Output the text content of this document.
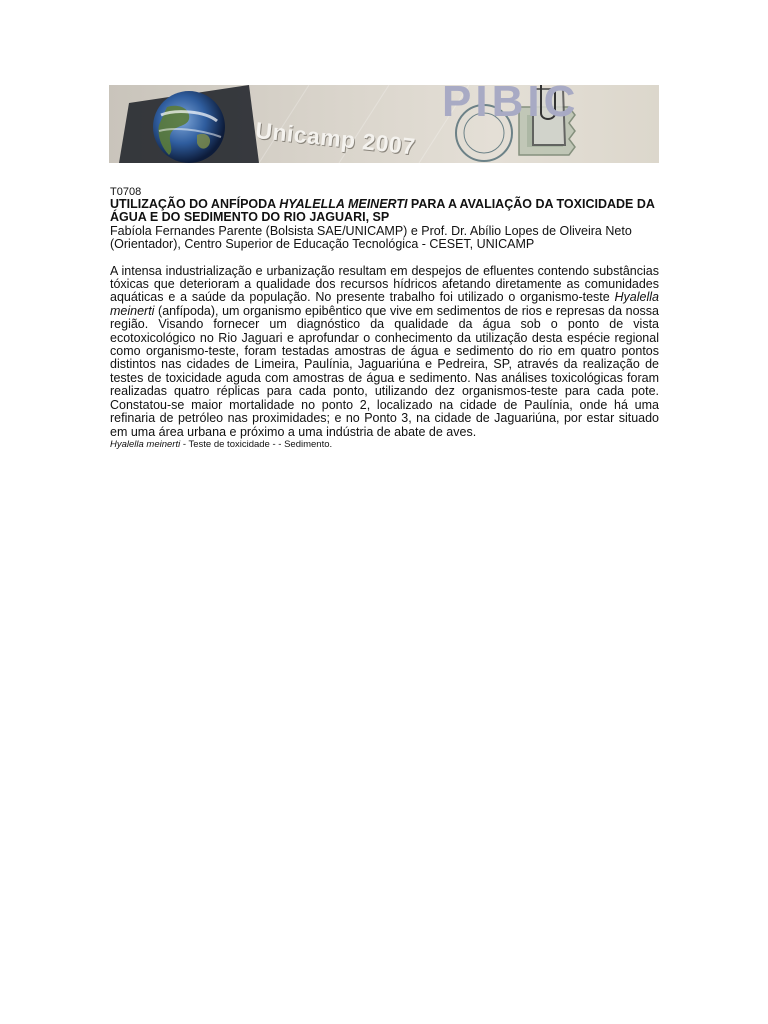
PIBIC
Unicamp 2007
T0708
UTILIZAÇÃO DO ANFÍPODA HYALELLA MEINERTI PARA A AVALIAÇÃO DA TOXICIDADE DA ÁGUA E DO SEDIMENTO DO RIO JAGUARI, SP

Fabíola Fernandes Parente (Bolsista SAE/UNICAMP) e Prof. Dr. Abílio Lopes de Oliveira Neto (Orientador), Centro Superior de Educação Tecnológica - CESET, UNICAMP

A intensa industrialização e urbanização resultam em despejos de efluentes contendo substâncias tóxicas que deterioram a qualidade dos recursos hídricos afetando diretamente as comunidades aquáticas e a saúde da população. No presente trabalho foi utilizado o organismo-teste Hyalella meinerti (anfípoda), um organismo epibêntico que vive em sedimentos de rios e represas da nossa região. Visando fornecer um diagnóstico da qualidade da água sob o ponto de vista ecotoxicológico no Rio Jaguari e aprofundar o conhecimento da utilização desta espécie regional como organismo-teste, foram testadas amostras de água e sedimento do rio em quatro pontos distintos nas cidades de Limeira, Paulínia, Jaguariúna e Pedreira, SP, através da realização de testes de toxicidade aguda com amostras de água e sedimento. Nas análises toxicológicas foram realizadas quatro réplicas para cada ponto, utilizando dez organismos-teste para cada pote. Constatou-se maior mortalidade no ponto 2, localizado na cidade de Paulínia, onde há uma refinaria de petróleo nas proximidades; e no Ponto 3, na cidade de Jaguariúna, por estar situado em uma área urbana e próximo a uma indústria de abate de aves.

Hyalella meinerti - Teste de toxicidade - - Sedimento.
